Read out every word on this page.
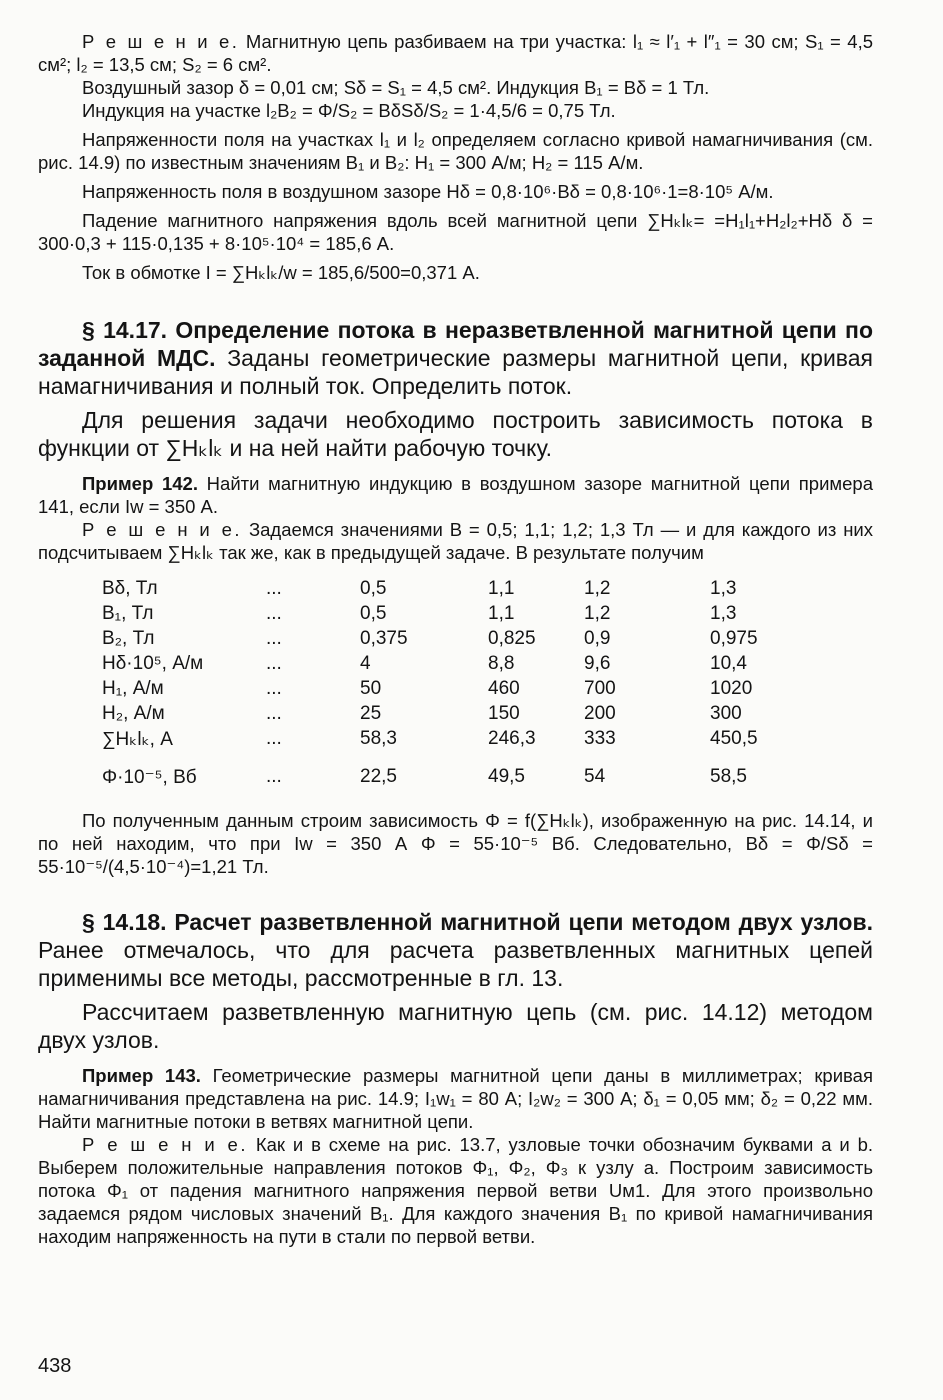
Р е ш е н и е. Магнитную цепь разбиваем на три участка: l₁ ≈ l′₁ + l″₁ = 30 см; S₁ = 4,5 см²; l₂ = 13,5 см; S₂ = 6 см².

Воздушный зазор δ = 0,01 см; Sδ = S₁ = 4,5 см². Индукция B₁ = Bδ = 1 Тл.

Индукция на участке l₂B₂ = Φ/S₂ = BδSδ/S₂ = 1·4,5/6 = 0,75 Тл.

Напряженности поля на участках l₁ и l₂ определяем согласно кривой намагничивания (см. рис. 14.9) по известным значениям B₁ и B₂: H₁ = 300 А/м; H₂ = 115 А/м.

Напряженность поля в воздушном зазоре Hδ = 0,8·10⁶·Bδ = 0,8·10⁶·1=8·10⁵ А/м.

Падение магнитного напряжения вдоль всей магнитной цепи ∑Hₖlₖ= =H₁l₁+H₂l₂+Hδ δ = 300·0,3 + 115·0,135 + 8·10⁵·10⁴ = 185,6 А.

Ток в обмотке I = ∑Hₖlₖ/w = 185,6/500=0,371 А.

§ 14.17. Определение потока в неразветвленной магнитной цепи по заданной МДС. Заданы геометрические размеры магнитной цепи, кривая намагничивания и полный ток. Определить поток.

Для решения задачи необходимо построить зависимость потока в функции от ∑Hₖlₖ и на ней найти рабочую точку.

Пример 142. Найти магнитную индукцию в воздушном зазоре магнитной цепи примера 141, если Iw = 350 А.

Р е ш е н и е. Задаемся значениями B = 0,5; 1,1; 1,2; 1,3 Тл — и для каждого из них подсчитываем ∑Hₖlₖ так же, как в предыдущей задаче. В результате получим

Bδ, Тл	...	0,5	1,1	1,2	1,3
B₁, Тл	...	0,5	1,1	1,2	1,3
B₂, Тл	...	0,375	0,825	0,9	0,975
Hδ·10⁵, А/м	...	4	8,8	9,6	10,4
H₁, А/м	...	50	460	700	1020
H₂, А/м	...	25	150	200	300
∑Hₖlₖ, А	...	58,3	246,3	333	450,5
Φ·10⁻⁵, Вб	...	22,5	49,5	54	58,5

По полученным данным строим зависимость Φ = f(∑Hₖlₖ), изображенную на рис. 14.14, и по ней находим, что при Iw = 350 А Φ = 55·10⁻⁵ Вб. Следовательно, Bδ = Φ/Sδ = 55·10⁻⁵/(4,5·10⁻⁴)=1,21 Тл.

§ 14.18. Расчет разветвленной магнитной цепи методом двух узлов. Ранее отмечалось, что для расчета разветвленных магнитных цепей применимы все методы, рассмотренные в гл. 13.

Рассчитаем разветвленную магнитную цепь (см. рис. 14.12) методом двух узлов.

Пример 143. Геометрические размеры магнитной цепи даны в миллиметрах; кривая намагничивания представлена на рис. 14.9; I₁w₁ = 80 А; I₂w₂ = 300 А; δ₁ = 0,05 мм; δ₂ = 0,22 мм. Найти магнитные потоки в ветвях магнитной цепи.

Р е ш е н и е. Как и в схеме на рис. 13.7, узловые точки обозначим буквами a и b. Выберем положительные направления потоков Φ₁, Φ₂, Φ₃ к узлу a. Построим зависимость потока Φ₁ от падения магнитного напряжения первой ветви Uм1. Для этого произвольно задаемся рядом числовых значений B₁. Для каждого значения B₁ по кривой намагничивания находим напряженность на пути в стали по первой ветви.

438
